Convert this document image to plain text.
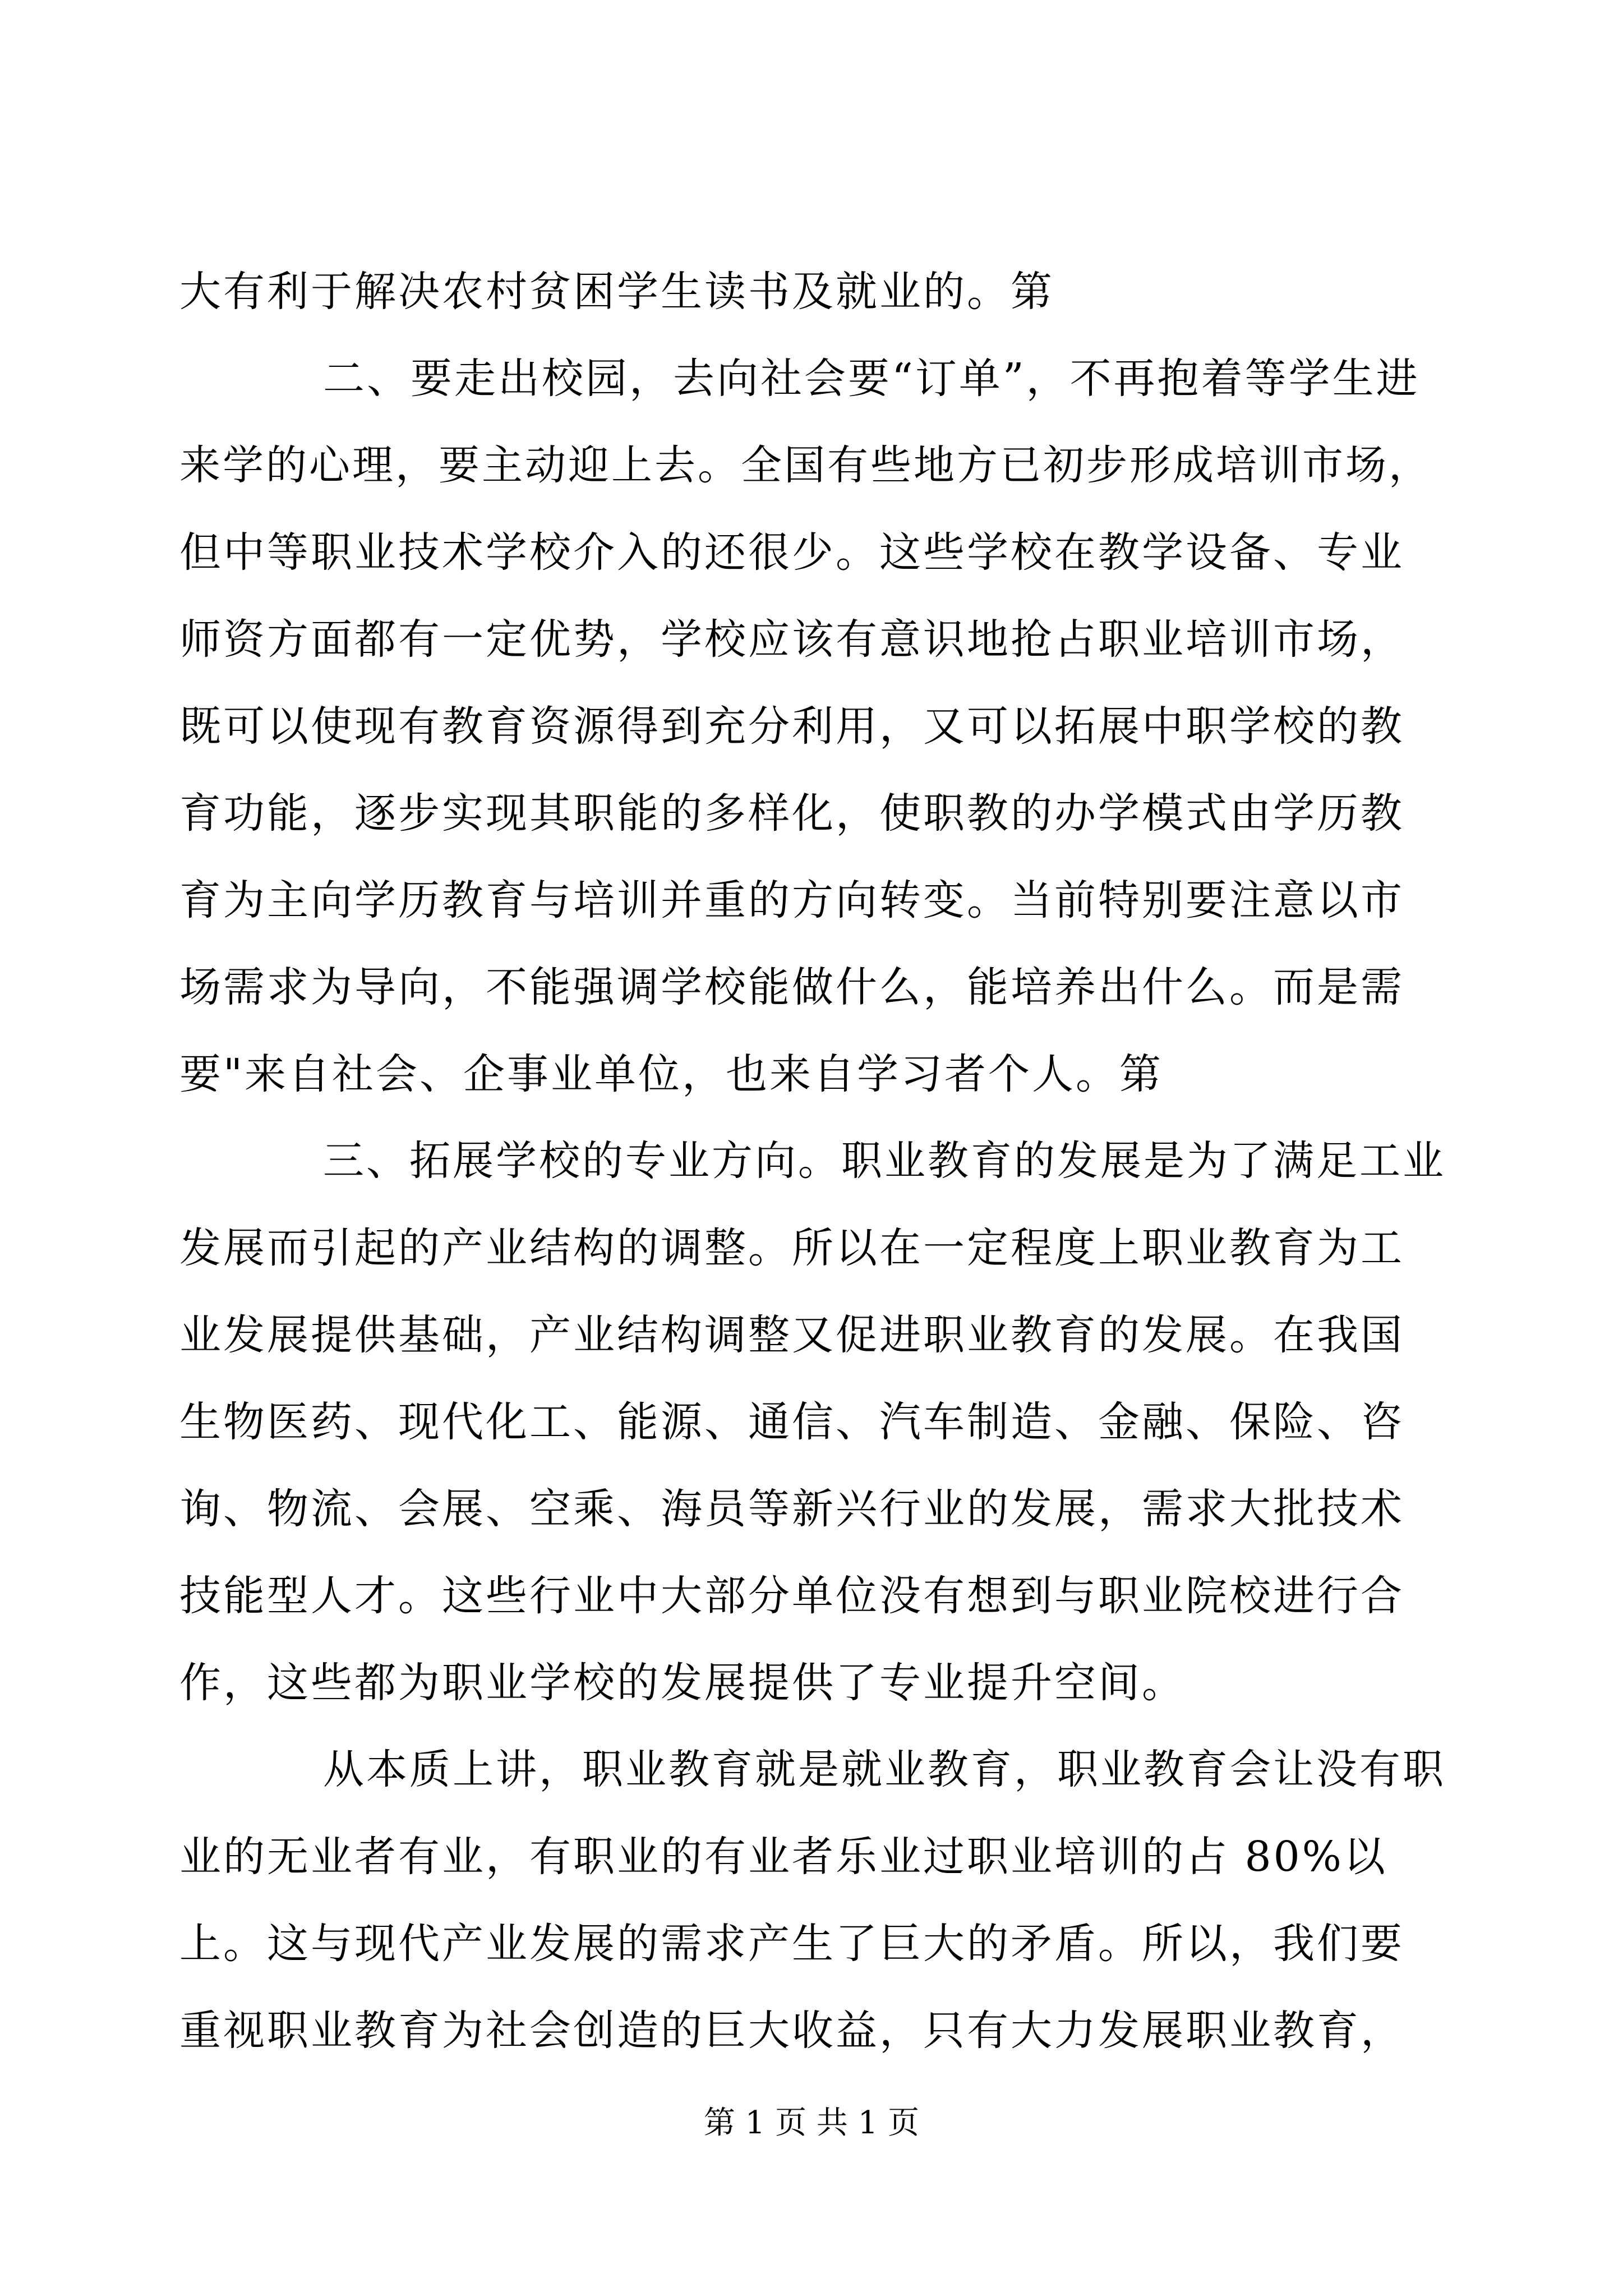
大有利于解决农村贫困学生读书及就业的。第
二、要走出校园，去向社会要“订单”，不再抱着等学生进
来学的心理，要主动迎上去。全国有些地方已初步形成培训市场，
但中等职业技术学校介入的还很少。这些学校在教学设备、专业
师资方面都有一定优势，学校应该有意识地抢占职业培训市场，
既可以使现有教育资源得到充分利用，又可以拓展中职学校的教
育功能，逐步实现其职能的多样化，使职教的办学模式由学历教
育为主向学历教育与培训并重的方向转变。当前特别要注意以市
场需求为导向，不能强调学校能做什么，能培养出什么。而是需
要"来自社会、企事业单位，也来自学习者个人。第
三、拓展学校的专业方向。职业教育的发展是为了满足工业
发展而引起的产业结构的调整。所以在一定程度上职业教育为工
业发展提供基础，产业结构调整又促进职业教育的发展。在我国
生物医药、现代化工、能源、通信、汽车制造、金融、保险、咨
询、物流、会展、空乘、海员等新兴行业的发展，需求大批技术
技能型人才。这些行业中大部分单位没有想到与职业院校进行合
作，这些都为职业学校的发展提供了专业提升空间。
从本质上讲，职业教育就是就业教育，职业教育会让没有职
业的无业者有业，有职业的有业者乐业过职业培训的占 80%以
上。这与现代产业发展的需求产生了巨大的矛盾。所以，我们要
重视职业教育为社会创造的巨大收益，只有大力发展职业教育，
第 1 页 共 1 页
